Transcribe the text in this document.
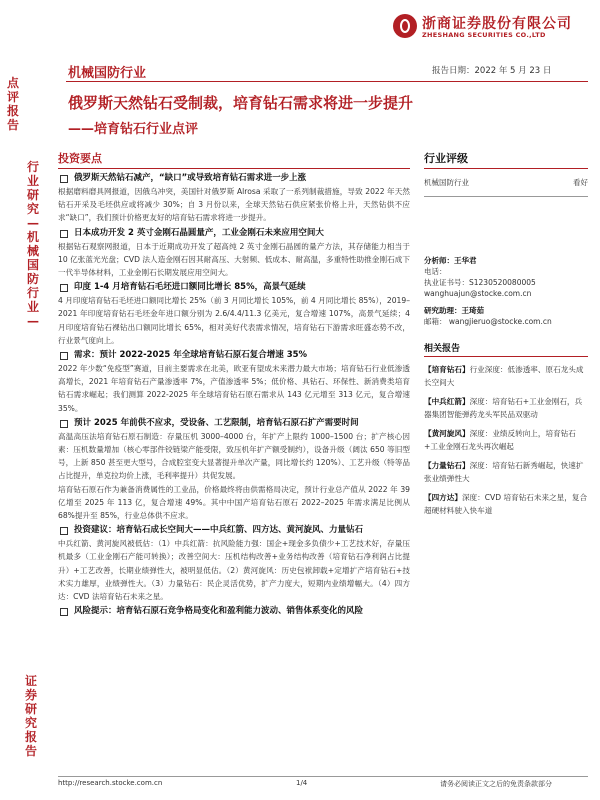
浙商证券股份有限公司
ZHESHANG SECURITIES CO.,LTD
点评报告
机械国防行业	报告日期：2022 年 5 月 23 日
俄罗斯天然钻石受制裁，培育钻石需求将进一步提升
——培育钻石行业点评
行业研究—机械国防行业—
证券研究报告
投资要点
俄罗斯天然钻石减产，“缺口”或导致培育钻石需求进一步上涨
根据磨料磨具网报道，因俄乌冲突，美国针对俄罗斯 Alrosa 采取了一系列制裁措施，导致 2022 年天然钻石开采及毛坯供应或将减少 30%；自 3 月份以来，全球天然钻石供应紧张价格上升，天然钻供不应求“缺口”，我们预计价格更友好的培育钻石需求将进一步提升。
日本成功开发 2 英寸金刚石晶圆量产，工业金刚石未来应用空间大
根据钻石观察网报道，日本于近期成功开发了超高纯 2 英寸金刚石晶圆的量产方法，其存储能力相当于 10 亿张蓝光光盘；CVD 法人造金刚石因其耐高压、大射频、低成本、耐高温，多重特性助推金刚石成下一代半导体材料，工业金刚石长期发展应用空间大。
印度 1-4 月培育钻石毛坯进口额同比增长 85%，高景气延续
4 月印度培育钻石毛坯进口额同比增长 25%（前 3 月同比增长 105%，前 4 月同比增长 85%），2019–2021 年印度培育钻石毛坯金年进口额分别为 2.6/4.4/11.3 亿美元，复合增速 107%，高景气延续；4 月印度培育钻石裸钻出口额同比增长 65%，相对美好代表需求情况，培育钻石下游需求旺盛态势不改，行业景气度向上。
需求：预计 2022-2025 年全球培育钻石原石复合增速 35%
2022 年少数“免疫型”赛道，目前主要需求在北美，欧亚有望成未来潜力最大市场；培育钻石行业低渗透高增长，2021 年培育钻石产量渗透率 7%，产值渗透率 5%；低价格、具钻石、环保性、新消费类培育钻石需求崛起；我们测算 2022-2025 年全球培育钻石原石需求从 143 亿元增至 313 亿元，复合增速 35%。
预计 2025 年前供不应求，受设备、工艺限制，培育钻石原石扩产需要时间
高温高压法培育钻石原石制造：存量压机 3000–4000 台，年扩产上限约 1000–1500 台；扩产核心因素：压机数量增加（核心零部件铰链梁产能受限，致压机年扩产额受制约），设备升级（阔汰 650 等旧型号，上新 850 甚至更大型号，合成腔室变大显著提升单次产量，同比增长约 120%）、工艺升级（特等品占比提升，单克拉均价上涨，毛利率提升）共促发展。
培育钻石原石作为兼备消费属性的工业品，价格最终将由供需格局决定，预计行业总产值从 2022 年 39 亿增至 2025 年 113 亿，复合增速 49%。其中中国产培育钻石原石 2022–2025 年需求满足比例从 68%提升至 85%，行业总体供不应求。
投资建议：培育钻石成长空间大——中兵红箭、四方达、黄河旋风、力量钻石
中兵红箭、黄河旋风被低估：（1）中兵红箭：抗风险能力强：国企+现金多负债少+工艺技术好，存量压机最多（工业金刚石产能可转换）；改善空间大：压机结构改善+业务结构改善（培育钻石净利润占比提升）+工艺改善，长期业绩弹性大，被明显低估。（2）黄河旋风：历史包袱卸载+定增扩产培育钻石+技术实力雄厚，业绩弹性大。（3）力量钻石：民企灵活优势，扩产力度大，短期内业绩增幅大。（4）四方达：CVD 法培育钻石未来之星。
风险提示：培育钻石原石竞争格局变化和盈利能力波动、销售体系变化的风险
行业评级
机械国防行业	看好
分析师：王华君
电话：
执业证书号：S1230520080005
wanghuajun@stocke.com.cn
研究助理：王琦茹
邮箱： wangjieruo@stocke.com.cn
相关报告
【培育钻石】行业深度：低渗透率、原石龙头成长空间大
【中兵红箭】深度：培育钻石+工业金刚石，兵器集团智能弹药龙头军民品双驱动
【黄河旋风】深度：业绩反转向上，培育钻石+工业金刚石龙头再次崛起
【力量钻石】深度：培育钻石新秀崛起，快速扩张业绩弹性大
【四方达】深度：CVD 培育钻石未来之星，复合超硬材料驶入快车道
http://research.stocke.com.cn	1/4	请务必阅读正文之后的免责条款部分
